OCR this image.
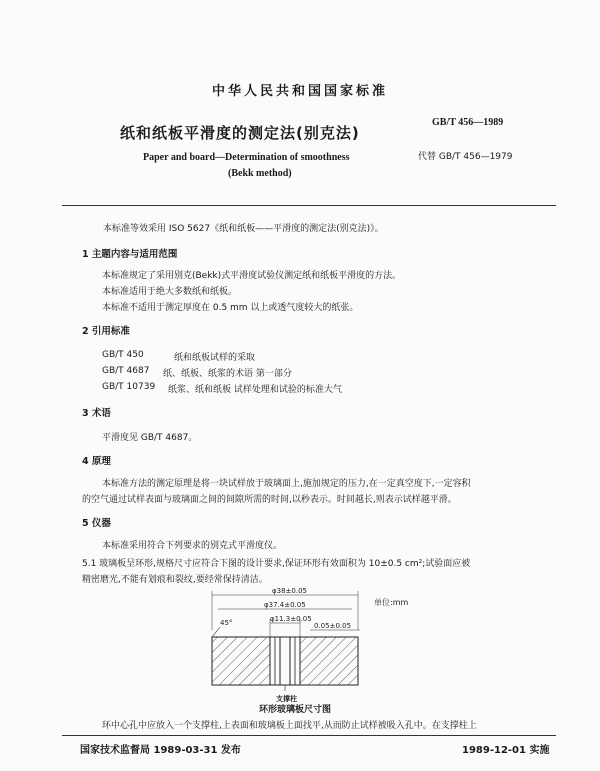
中华人民共和国国家标准
纸和纸板平滑度的测定法(别克法)
GB/T 456—1989
代替 GB/T 456—1979
Paper and board—Determination of smoothness
(Bekk method)
本标准等效采用 ISO 5627《纸和纸板——平滑度的测定法(别克法)》。
1 主题内容与适用范围
本标准规定了采用别克(Bekk)式平滑度试验仪测定纸和纸板平滑度的方法。
本标准适用于绝大多数纸和纸板。
本标准不适用于测定厚度在 0.5 mm 以上或透气度较大的纸张。
2 引用标准
GB/T 450	纸和纸板试样的采取
GB/T 4687 纸、纸板、纸浆的术语 第一部分
GB/T 10739 纸浆、纸和纸板 试样处理和试验的标准大气
3 术语
平滑度见 GB/T 4687。
4 原理
本标准方法的测定原理是将一块试样放于玻璃面上,施加规定的压力,在一定真空度下,一定容积
的空气通过试样表面与玻璃面之间的间隙所需的时间,以秒表示。时间越长,则表示试样越平滑。
5 仪器
本标准采用符合下列要求的别克式平滑度仪。
5.1 玻璃板呈环形,规格尺寸应符合下图的设计要求,保证环形有效面积为 10±0.5 cm²;试验面应被
精密磨光,不能有划痕和裂纹,要经常保持清洁。
φ38±0.05
φ37.4±0.05
φ11.3±0.05
0.05±0.05
45°
支撑柱
单位:mm
环形玻璃板尺寸图
环中心孔中应放入一个支撑柱,上表面和玻璃板上面找平,从而防止试样被吸入孔中。在支撑柱上
国家技术监督局 1989-03-31 发布	1989-12-01 实施
